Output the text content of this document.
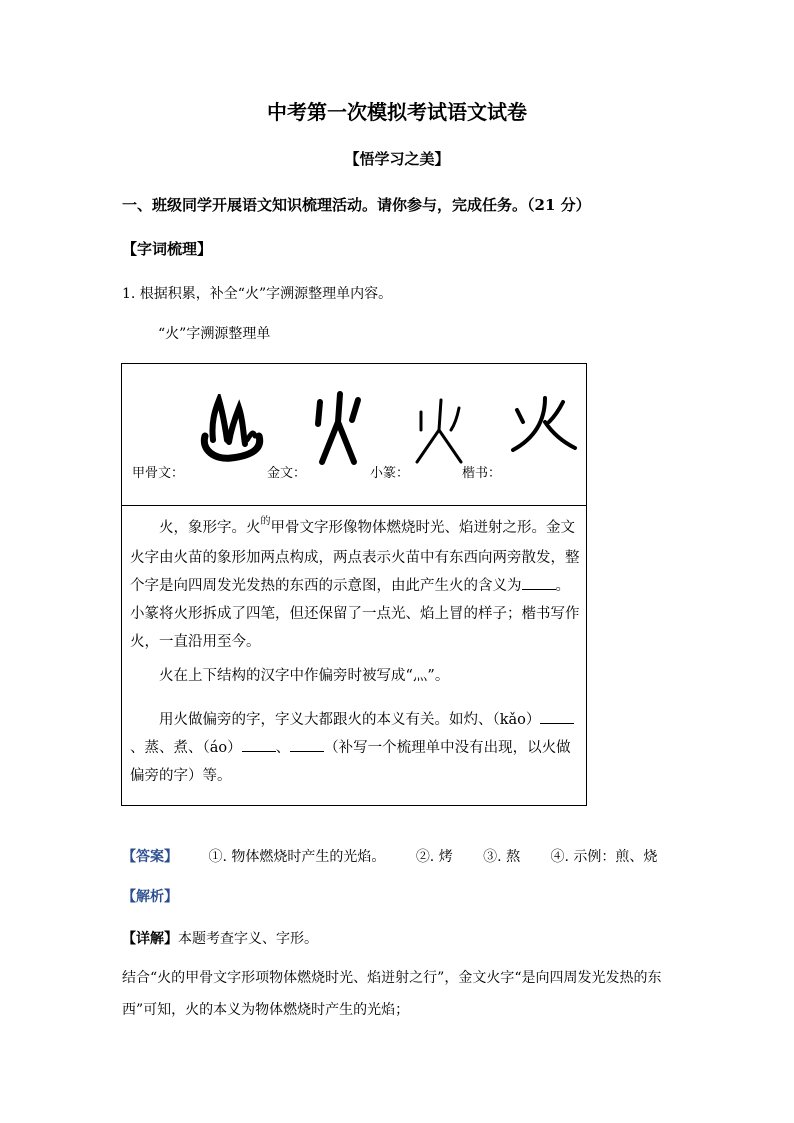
中考第一次模拟考试语文试卷
【悟学习之美】
一、班级同学开展语文知识梳理活动。请你参与，完成任务。（21 分）
【字词梳理】
1. 根据积累，补全“火”字溯源整理单内容。
“火”字溯源整理单
甲骨文：	金文：	小篆：	楷书：
火，象形字。火$^的$甲骨文字形像物体燃烧时光、焰迸射之形。金文火字由火苗的象形加两点构成，两点表示火苗中有东西向两旁散发，整个字是向四周发光发热的东西的示意图，由此产生火的含义为 。小篆将火形拆成了四笔，但还保留了一点光、焰上冒的样子；楷书写作火，一直沿用至今。
火在上下结构的汉字中作偏旁时被写成“灬”。
用火做偏旁的字，字义大都跟火的本义有关。如灼、（kǎo）、蒸、煮、（áo） 、 （补写一个梳理单中没有出现，以火做偏旁的字）等。
【答案】 ①. 物体燃烧时产生的光焰。 ②. 烤 ③. 熬 ④. 示例：煎、烧
【解析】
【详解】本题考查字义、字形。
结合“火的甲骨文字形项物体燃烧时光、焰迸射之行”，金文火字“是向四周发光发热的东西”可知，火的本义为物体燃烧时产生的光焰；
